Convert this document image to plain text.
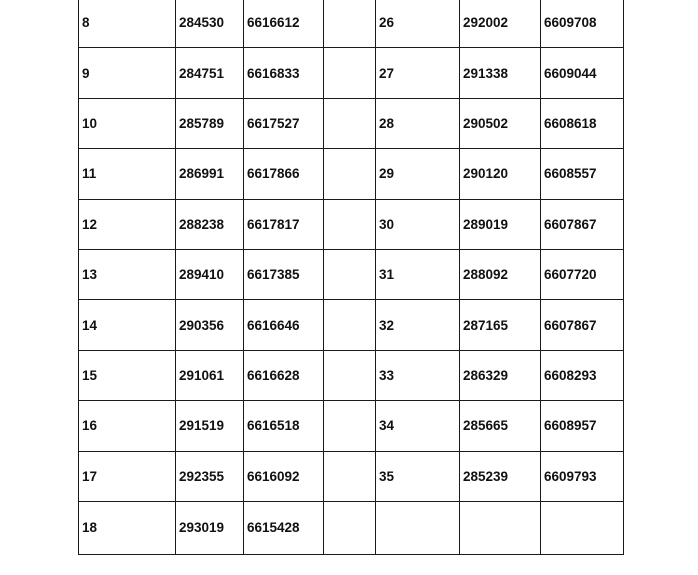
8	284530	6616612		26	292002	6609708
9	284751	6616833		27	291338	6609044
10	285789	6617527		28	290502	6608618
11	286991	6617866		29	290120	6608557
12	288238	6617817		30	289019	6607867
13	289410	6617385		31	288092	6607720
14	290356	6616646		32	287165	6607867
15	291061	6616628		33	286329	6608293
16	291519	6616518		34	285665	6608957
17	292355	6616092		35	285239	6609793
18	293019	6615428				
